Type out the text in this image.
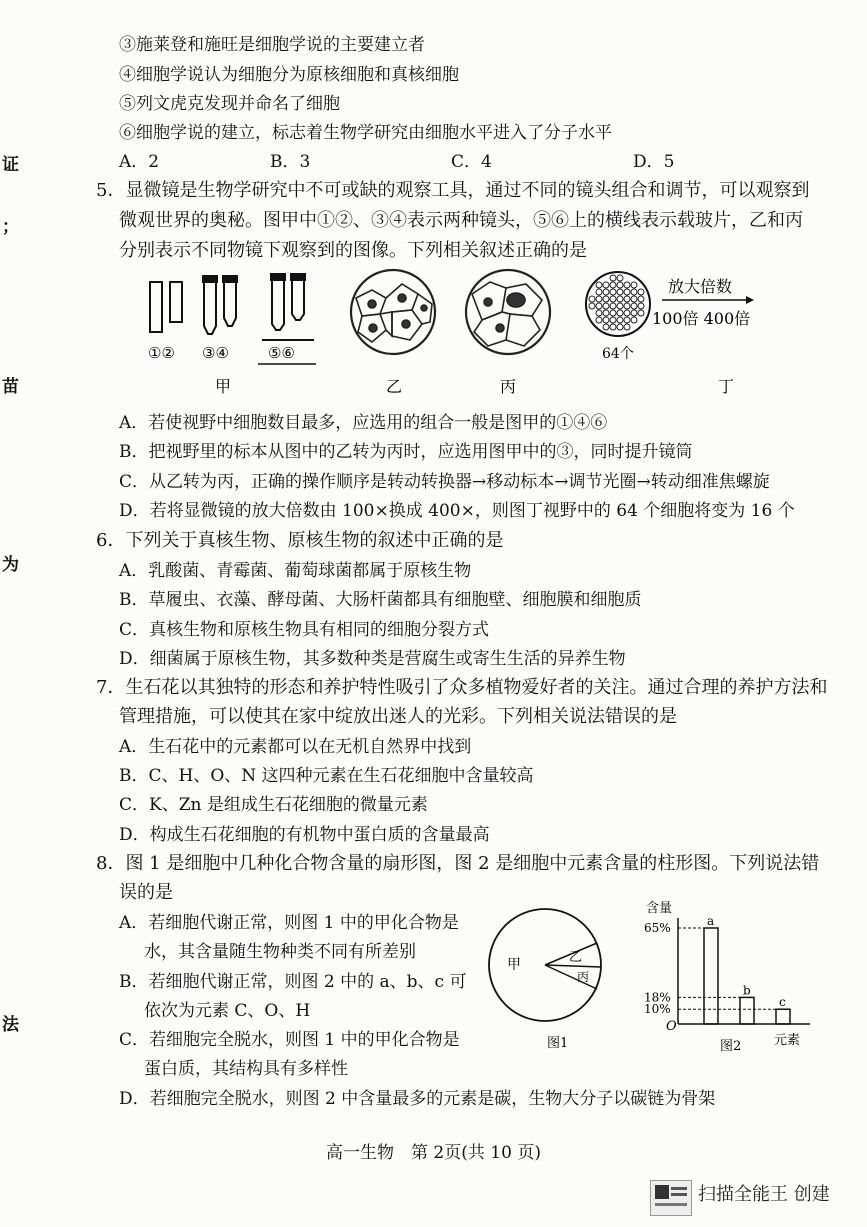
证
；
苗
为
法
③施莱登和施旺是细胞学说的主要建立者
④细胞学说认为细胞分为原核细胞和真核细胞
⑤列文虎克发现并命名了细胞
⑥细胞学说的建立，标志着生物学研究由细胞水平进入了分子水平
A．2	B．3	C．4	D．5
5．显微镜是生物学研究中不可或缺的观察工具，通过不同的镜头组合和调节，可以观察到
微观世界的奥秘。图甲中①②、③④表示两种镜头，⑤⑥上的横线表示载玻片，乙和丙
分别表示不同物镜下观察到的图像。下列相关叙述正确的是
①② ③④	⑤⑥
甲	乙	丙
64个
放大倍数
100倍 400倍
丁
A．若使视野中细胞数目最多，应选用的组合一般是图甲的①④⑥
B．把视野里的标本从图中的乙转为丙时，应选用图甲中的③，同时提升镜筒
C．从乙转为丙，正确的操作顺序是转动转换器→移动标本→调节光圈→转动细准焦螺旋
D．若将显微镜的放大倍数由 100×换成 400×，则图丁视野中的 64 个细胞将变为 16 个
6．下列关于真核生物、原核生物的叙述中正确的是
A．乳酸菌、青霉菌、葡萄球菌都属于原核生物
B．草履虫、衣藻、酵母菌、大肠杆菌都具有细胞壁、细胞膜和细胞质
C．真核生物和原核生物具有相同的细胞分裂方式
D．细菌属于原核生物，其多数种类是营腐生或寄生生活的异养生物
7．生石花以其独特的形态和养护特性吸引了众多植物爱好者的关注。通过合理的养护方法和
管理措施，可以使其在家中绽放出迷人的光彩。下列相关说法错误的是
A．生石花中的元素都可以在无机自然界中找到
B．C、H、O、N 这四种元素在生石花细胞中含量较高
C．K、Zn 是组成生石花细胞的微量元素
D．构成生石花细胞的有机物中蛋白质的含量最高
8．图 1 是细胞中几种化合物含量的扇形图，图 2 是细胞中元素含量的柱形图。下列说法错
误的是
A．若细胞代谢正常，则图 1 中的甲化合物是
水，其含量随生物种类不同有所差别
B．若细胞代谢正常，则图 2 中的 a、b、c 可
依次为元素 C、O、H
C．若细胞完全脱水，则图 1 中的甲化合物是
蛋白质，其结构具有多样性
D．若细胞完全脱水，则图 2 中含量最多的元素是碳，生物大分子以碳链为骨架
甲	乙
丙
图1
含量
O
元素
图2
a
65%
b
18%	c
10%
高一生物　第 2页(共 10 页)
扫描全能王 创建
